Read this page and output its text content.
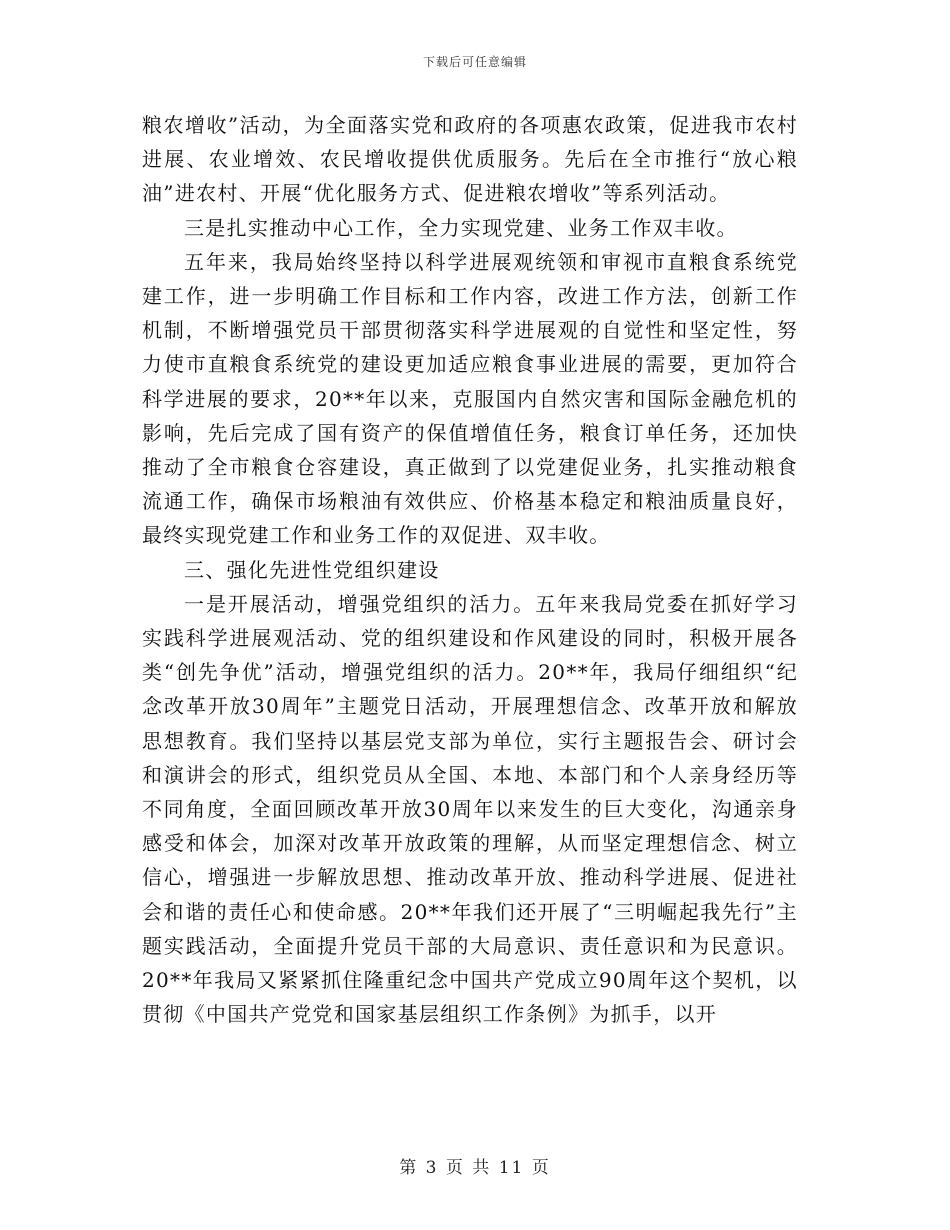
下载后可任意编辑

粮农增收”活动，为全面落实党和政府的各项惠农政策，促进我市农村进展、农业增效、农民增收提供优质服务。先后在全市推行“放心粮油”进农村、开展“优化服务方式、促进粮农增收”等系列活动。

三是扎实推动中心工作，全力实现党建、业务工作双丰收。

五年来，我局始终坚持以科学进展观统领和审视市直粮食系统党建工作，进一步明确工作目标和工作内容，改进工作方法，创新工作机制，不断增强党员干部贯彻落实科学进展观的自觉性和坚定性，努力使市直粮食系统党的建设更加适应粮食事业进展的需要，更加符合科学进展的要求，20**年以来，克服国内自然灾害和国际金融危机的影响，先后完成了国有资产的保值增值任务，粮食订单任务，还加快推动了全市粮食仓容建设，真正做到了以党建促业务，扎实推动粮食流通工作，确保市场粮油有效供应、价格基本稳定和粮油质量良好，最终实现党建工作和业务工作的双促进、双丰收。

三、强化先进性党组织建设

一是开展活动，增强党组织的活力。五年来我局党委在抓好学习实践科学进展观活动、党的组织建设和作风建设的同时，积极开展各类“创先争优”活动，增强党组织的活力。20**年，我局仔细组织“纪念改革开放30周年”主题党日活动，开展理想信念、改革开放和解放思想教育。我们坚持以基层党支部为单位，实行主题报告会、研讨会和演讲会的形式，组织党员从全国、本地、本部门和个人亲身经历等不同角度，全面回顾改革开放30周年以来发生的巨大变化，沟通亲身感受和体会，加深对改革开放政策的理解，从而坚定理想信念、树立信心，增强进一步解放思想、推动改革开放、推动科学进展、促进社会和谐的责任心和使命感。20**年我们还开展了“三明崛起我先行”主题实践活动，全面提升党员干部的大局意识、责任意识和为民意识。20**年我局又紧紧抓住隆重纪念中国共产党成立90周年这个契机，以贯彻《中国共产党党和国家基层组织工作条例》为抓手，以开

第 3 页 共 11 页
